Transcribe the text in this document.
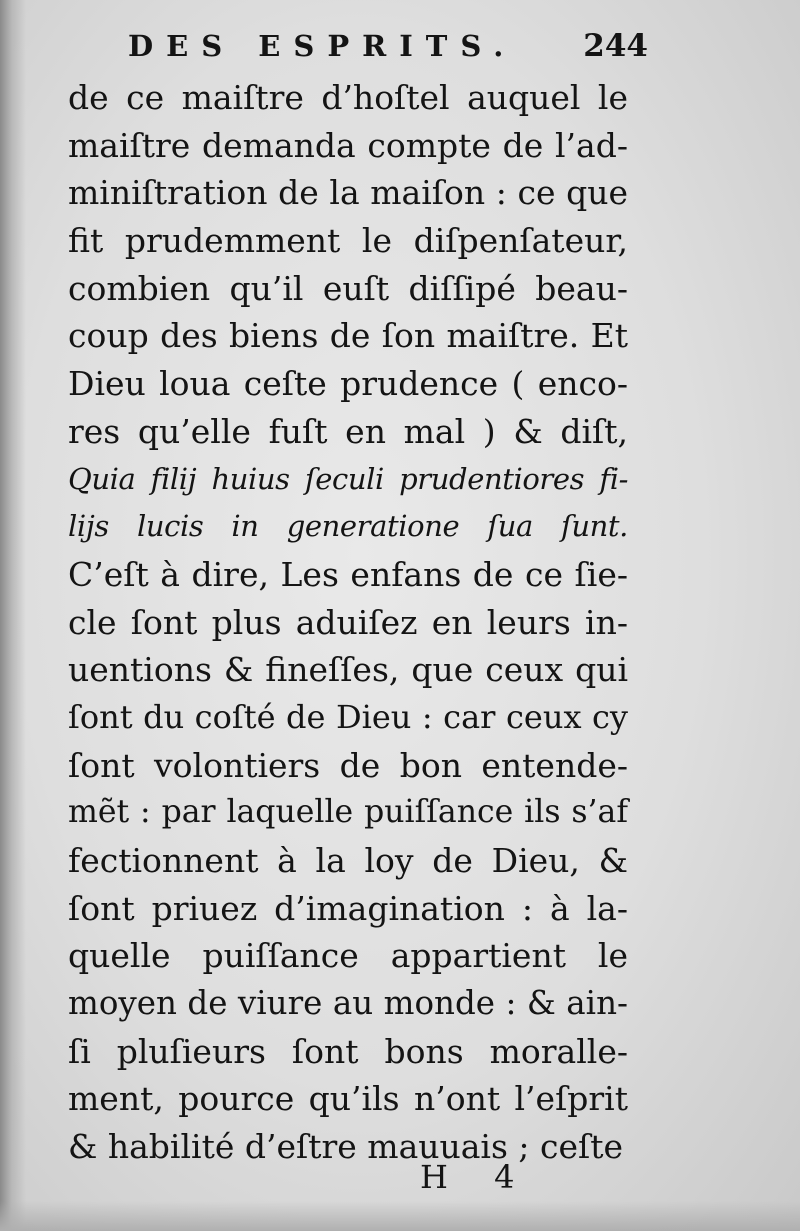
DES ESPRITS. 244
de ce maiſtre d’hoſtel auquel le
maiſtre demanda compte de l’ad-
miniſtration de la maiſon : ce que
fit prudemment le diſpenſateur,
combien qu’il euſt diſſipé beau-
coup des biens de ſon maiſtre. Et
Dieu loua ceſte prudence ( enco-
res qu’elle fuſt en mal ) & diſt,
Quia filij huius ſeculi prudentiores fi-
lijs lucis in generatione ſua ſunt.
C’eſt à dire, Les enfans de ce ſie-
cle ſont plus aduiſez en leurs in-
uentions & fineſſes, que ceux qui
ſont du coſté de Dieu : car ceux cy
ſont volontiers de bon entende-
mẽt : par laquelle puiſſance ils s’af
fectionnent à la loy de Dieu, &
ſont priuez d’imagination : à la-
quelle puiſſance appartient le
moyen de viure au monde : & ain-
ſi pluſieurs ſont bons moralle-
ment, pource qu’ils n’ont l’eſprit
& habilité d’eſtre mauuais ; ceſte
H 4
